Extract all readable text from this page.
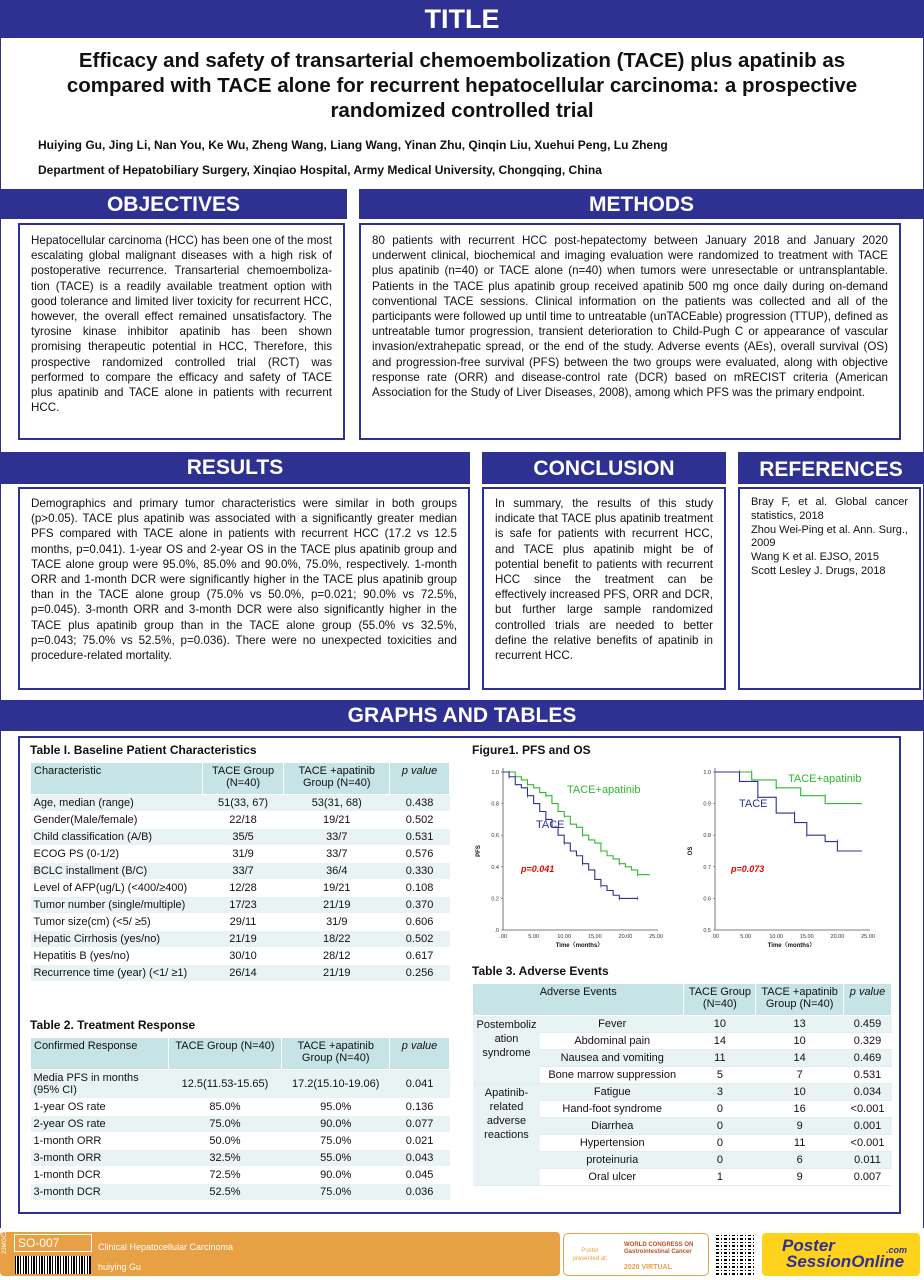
TITLE
Efficacy and safety of transarterial chemoembolization (TACE) plus apatinib as
compared with TACE alone for recurrent hepatocellular carcinoma: a prospective
randomized controlled trial
Huiying Gu, Jing Li, Nan You, Ke Wu, Zheng Wang, Liang Wang, Yinan Zhu, Qinqin Liu, Xuehui Peng, Lu Zheng
Department of Hepatobiliary Surgery, Xinqiao Hospital, Army Medical University, Chongqing, China
OBJECTIVES

Hepatocellular carcinoma (HCC) has been one of the most escalating global malignant diseases with a high risk of postoperative recurrence. Transarterial chemoemboliza-tion (TACE) is a readily available treatment option with good tolerance and limited liver toxicity for recurrent HCC, however, the overall effect remained unsatisfactory. The tyrosine kinase inhibitor apatinib has been shown promising therapeutic potential in HCC, Therefore, this prospective randomized controlled trial (RCT) was performed to compare the efficacy and safety of TACE plus apatinib and TACE alone in patients with recurrent HCC.

METHODS

80 patients with recurrent HCC post-hepatectomy between January 2018 and January 2020 underwent clinical, biochemical and imaging evaluation were randomized to treatment with TACE plus apatinib (n=40) or TACE alone (n=40) when tumors were unresectable or untransplantable. Patients in the TACE plus apatinib group received apatinib 500 mg once daily during on-demand conventional TACE sessions. Clinical information on the patients was collected and all of the participants were followed up until time to untreatable (unTACEable) progression (TTUP), defined as untreatable tumor progression, transient deterioration to Child-Pugh C or appearance of vascular invasion/extrahepatic spread, or the end of the study. Adverse events (AEs), overall survival (OS) and progression-free survival (PFS) between the two groups were evaluated, along with objective response rate (ORR) and disease-control rate (DCR) based on mRECIST criteria (American Association for the Study of Liver Diseases, 2008), among which PFS was the primary endpoint.

RESULTS

Demographics and primary tumor characteristics were similar in both groups (p>0.05). TACE plus apatinib was associated with a significantly greater median PFS compared with TACE alone in patients with recurrent HCC (17.2 vs 12.5 months, p=0.041). 1-year OS and 2-year OS in the TACE plus apatinib group and TACE alone group were 95.0%, 85.0% and 90.0%, 75.0%, respectively. 1-month ORR and 1-month DCR were significantly higher in the TACE plus apatinib group than in the TACE alone group (75.0% vs 50.0%, p=0.021; 90.0% vs 72.5%, p=0.045). 3-month ORR and 3-month DCR were also significantly higher in the TACE plus apatinib group than in the TACE alone group (55.0% vs 32.5%, p=0.043; 75.0% vs 52.5%, p=0.036). There were no unexpected toxicities and procedure-related mortality.

CONCLUSION

In summary, the results of this study indicate that TACE plus apatinib treatment is safe for patients with recurrent HCC, and TACE plus apatinib might be of potential benefit to patients with recurrent HCC since the treatment can be effectively increased PFS, ORR and DCR, but further large sample randomized controlled trials are needed to better define the relative benefits of apatinib in recurrent HCC.

REFERENCES
Bray F, et al. Global cancer statistics, 2018
Zhou Wei-Ping et al. Ann. Surg., 2009
Wang K et al. EJSO, 2015
Scott Lesley J. Drugs, 2018
GRAPHS AND TABLES
Table I. Baseline Patient Characteristics
Characteristic	TACE Group (N=40)	TACE +apatinib Group (N=40)	p value
Age, median (range)	51(33, 67)	53(31, 68)	0.438
Gender(Male/female)	22/18	19/21	0.502
Child classification (A/B)	35/5	33/7	0.531
ECOG PS (0-1/2)	31/9	33/7	0.576
BCLC installment (B/C)	33/7	36/4	0.330
Level of AFP(ug/L) (<400/≥400)	12/28	19/21	0.108
Tumor number (single/multiple)	17/23	21/19	0.370
Tumor size(cm) (<5/ ≥5)	29/11	31/9	0.606
Hepatic Cirrhosis (yes/no)	21/19	18/22	0.502
Hepatitis B (yes/no)	30/10	28/12	0.617
Recurrence time (year) (<1/ ≥1)	26/14	21/19	0.256
Table 2. Treatment Response
Confirmed Response	TACE Group (N=40)	TACE +apatinib Group (N=40)	p value
Media PFS in months (95% CI)	12.5(11.53-15.65)	17.2(15.10-19.06)	0.041
1-year OS rate	85.0%	95.0%	0.136
2-year OS rate	75.0%	90.0%	0.077
1-month ORR	50.0%	75.0%	0.021
3-month ORR	32.5%	55.0%	0.043
1-month DCR	72.5%	90.0%	0.045
3-month DCR	52.5%	75.0%	0.036
Figure1. PFS and OS
.0
0.2
0.4
0.6
0.8
1.0
.00	5.00	10.00	15.00	20.00	25.00
Time（months）
PFS
TACE+apatinib
TACE
p=0.041
0.5
0.6
0.7
0.8
0.9
1.0
.00	5.00	10.00	15.00	20.00	25.00
Time（months）
OS
TACE+apatinib
TACE
p=0.073
Table 3. Adverse Events
Adverse Events		TACE Group (N=40)	TACE +apatinib Group (N=40)	p value
Postemboliz ation syndrome	Fever	10	13	0.459
	Abdominal pain	14	10	0.329
	Nausea and vomiting	11	14	0.469
	Bone marrow suppression	5	7	0.531
Apatinib-related adverse reactions	Fatigue	3	10	0.034
	Hand-foot syndrome	0	16	<0.001
	Diarrhea	0	9	0.001
	Hypertension	0	11	<0.001
	proteinuria	0	6	0.011
	Oral ulcer	1	9	0.007
23MGC2C SO-007	Clinical Hepatocellular Carcinoma
huiying Gu
Poster presented at:
WORLD CONGRESS ON Gastrointestinal Cancer
2020 VIRTUAL
Poster
SessionOnline
.com
